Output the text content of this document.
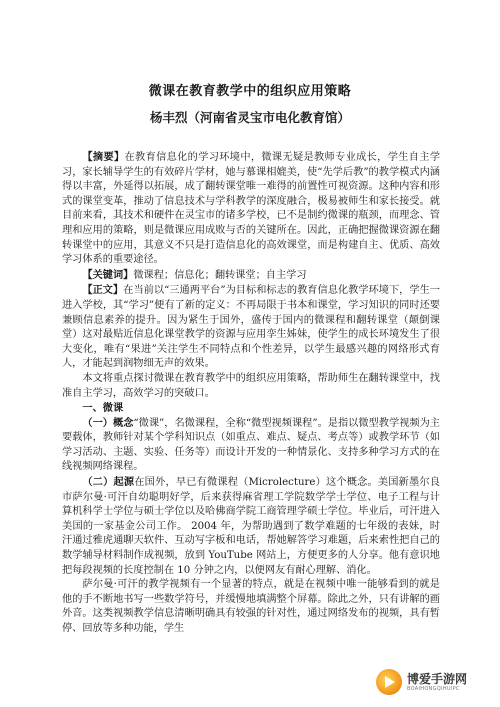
微课在教育教学中的组织应用策略
杨丰烈（河南省灵宝市电化教育馆）

【摘要】在教育信息化的学习环境中，微课无疑是教师专业成长，学生自主学习，家长辅导学生的有效碎片学材，她与慕课相媲美，使“先学后教”的教学模式内涵得以丰富，外延得以拓展，成了翻转课堂唯一难得的前置性可视资源。这种内容和形式的课堂变革，推动了信息技术与学科教学的深度融合，极易被师生和家长接受。就目前来看，其技术和硬件在灵宝市的诸多学校，已不是制约微课的瓶颈，而理念、管理和应用的策略，则是微课应用成败与否的关键所在。因此，正确把握微课资源在翻转课堂中的应用，其意义不只是打造信息化的高效课堂，而是构建自主、优质、高效学习体系的重要途径。

【关键词】微课程；信息化；翻转课堂；自主学习

【正文】在当前以“三通两平台”为目标和标志的教育信息化教学环境下，学生一进入学校，其“学习”便有了新的定义：不再局限于书本和课堂，学习知识的同时还要兼顾信息素养的提升。因为紧生于国外，盛传于国内的微课程和翻转课堂（颠倒课堂）这对最贴近信息化课堂教学的资源与应用孪生姊妹，使学生的成长环境发生了很大变化，唯有“果进”关注学生不同特点和个性差异，以学生最感兴趣的网络形式育人，才能起到润物细无声的效果。

本文将重点探讨微课在教育教学中的组织应用策略，帮助师生在翻转课堂中，找准自主学习，高效学习的突破口。

一、微课

（一）概念“微课”，名微课程，全称“微型视频课程”。是指以微型教学视频为主要载体，教师针对某个学科知识点（如重点、难点、疑点、考点等）或教学环节（如学习活动、主题、实验、任务等）而设计开发的一种情景化、支持多种学习方式的在线视频网络课程。

（二）起源在国外，早已有微课程（Microlecture）这个概念。美国新墨尔良市萨尔曼·可汗自幼聪明好学，后来获得麻省理工学院数学学士学位、电子工程与计算机科学士学位与硕士学位以及哈佛商学院工商管理学硕士学位。毕业后，可汗进入美国的一家基金公司工作。 2004 年，为帮助遇到了数学难题的七年级的表妹，时汗通过雅虎通聊天软件、互动写字板和电话，帮她解答学习难题，后来索性把自己的数学辅导材料制作成视频，放到 YouTube 网站上，方便更多的人分享。他有意识地把每段视频的长度控制在 10 分钟之内，以便网友有耐心理解、消化。

萨尔曼·可汗的教学视频有一个显著的特点，就是在视频中唯一能够看到的就是他的手不断地书写一些数学符号，并缓慢地填满整个屏幕。除此之外，只有讲解的画外音。这类视频教学信息清晰明确具有较强的针对性，通过网络发布的视频，具有暂停、回放等多种功能，学生

博爱手游网
BOAIHONGQIHUIPC
